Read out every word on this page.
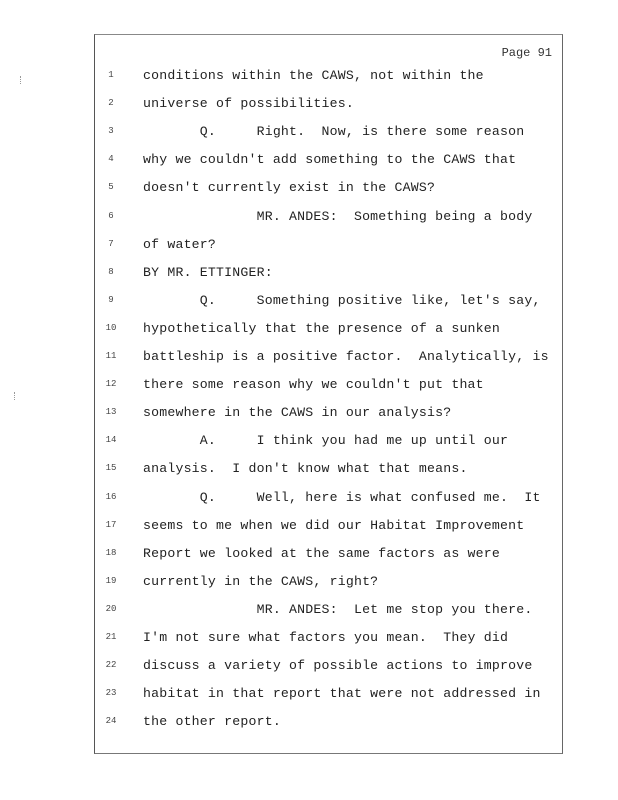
Page 91
1	conditions within the CAWS, not within the
2	universe of possibilities.
3	Q.     Right.  Now, is there some reason
4	why we couldn't add something to the CAWS that
5	doesn't currently exist in the CAWS?
6	MR. ANDES:  Something being a body
7	of water?
8	BY MR. ETTINGER:
9	Q.     Something positive like, let's say,
10	hypothetically that the presence of a sunken
11	battleship is a positive factor.  Analytically, is
12	there some reason why we couldn't put that
13	somewhere in the CAWS in our analysis?
14	A.     I think you had me up until our
15	analysis.  I don't know what that means.
16	Q.     Well, here is what confused me.  It
17	seems to me when we did our Habitat Improvement
18	Report we looked at the same factors as were
19	currently in the CAWS, right?
20	MR. ANDES:  Let me stop you there.
21	I'm not sure what factors you mean.  They did
22	discuss a variety of possible actions to improve
23	habitat in that report that were not addressed in
24	the other report.
